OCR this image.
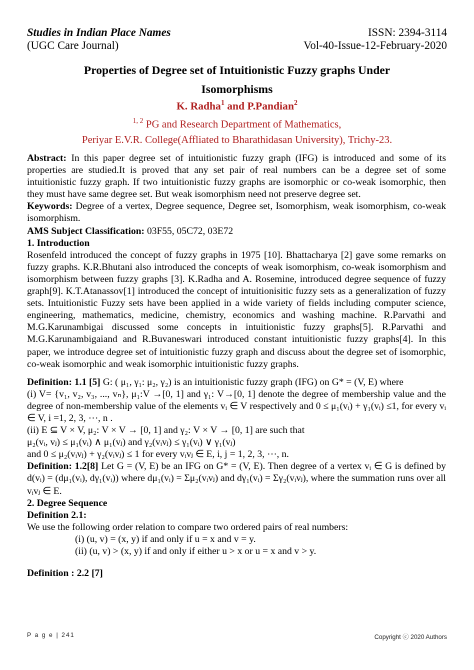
Studies in Indian Place Names	ISSN: 2394-3114
(UGC Care Journal)	Vol-40-Issue-12-February-2020
Properties of Degree set of Intuitionistic Fuzzy graphs Under
Isomorphisms
K. Radha$^1$ and P.Pandian$^2$
$^{1, 2}$ PG and Research Department of Mathematics,
Periyar E.V.R. College(Affliated to Bharathidasan University), Trichy-23.

Abstract: In this paper degree set of intuitionistic fuzzy graph (IFG) is introduced and some of its properties are studied.It is proved that any set pair of real numbers can be a degree set of some intuitionistic fuzzy graph. If two intuitionistic fuzzy graphs are isomorphic or co-weak isomorphic, then they must have same degree set. But weak isomorphism need not preserve degree set.

Keywords: Degree of a vertex, Degree sequence, Degree set, Isomorphism, weak isomorphism, co-weak isomorphism.

AMS Subject Classification: 03F55, 05C72, 03E72

1. Introduction

Rosenfeld introduced the concept of fuzzy graphs in 1975 [10]. Bhattacharya [2] gave some remarks on fuzzy graphs. K.R.Bhutani also introduced the concepts of weak isomorphism, co-weak isomorphism and isomorphism between fuzzy graphs [3]. K.Radha and A. Rosemine, introduced degree sequence of fuzzy graph[9]. K.T.Atanassov[1] introduced the concept of intuitionisitic fuzzy sets as a generalization of fuzzy sets. Intuitionistic Fuzzy sets have been applied in a wide variety of fields including computer science, engineering, mathematics, medicine, chemistry, economics and washing machine. R.Parvathi and M.G.Karunambigai discussed some concepts in intuitionistic fuzzy graphs[5]. R.Parvathi and M.G.Karunambigaiand and R.Buvaneswari introduced constant intuitionistic fuzzy graphs[4]. In this paper, we introduce degree set of intuitionistic fuzzy graph and discuss about the degree set of isomorphic, co-weak isomorphic and weak isomorphic intuitionistic fuzzy graphs.

Definition: 1.1 [5] G: ( μ₁, γ₁: μ₂, γ₂) is an intuitionistic fuzzy graph (IFG) on G* = (V, E) where

(i) V= {v₁, v₂, v₃, ..., vₙ}, μ₁:V →[0, 1] and γ₁: V→[0, 1] denote the degree of membership value and the degree of non-membership value of the elements vᵢ ∈ V respectively and 0 ≤ μ₁(vᵢ) + γ₁(vᵢ) ≤1, for every vᵢ ∈ V, i =1, 2, 3, ⋯, n .

(ii) E ⊆ V × V, μ₂: V × V → [0, 1] and γ₂: V × V → [0, 1] are such that

μ₂(vᵢ, vⱼ) ≤ μ₁(vᵢ) ∧ μ₁(vⱼ) and γ₂(vᵢvⱼ) ≤ γ₁(vᵢ) ∨ γ₁(vⱼ)

and 0 ≤ μ₂(vᵢvⱼ) + γ₂(vᵢvⱼ) ≤ 1 for every vᵢvⱼ ∈ E, i, j = 1, 2, 3, ⋯, n.

Definition: 1.2[8] Let G = (V, E) be an IFG on G* = (V, E). Then degree of a vertex vᵢ ∈ G is defined by d(vᵢ) = (dμ₁(vᵢ), dγ₁(vᵢ)) where dμ₁(vᵢ) = Σμ₂(vᵢvⱼ) and dγ₁(vᵢ) = Σγ₂(vᵢvⱼ), where the summation runs over all vᵢvⱼ ∈ E.

2. Degree Sequence

Definition 2.1:

We use the following order relation to compare two ordered pairs of real numbers:

(i) (u, v) = (x, y) if and only if u = x and v = y.

(ii) (u, v) > (x, y) if and only if either u > x or u = x and v > y.

Definition : 2.2 [7]

P a g e | 241	Copyright ⓒ 2020 Authors
